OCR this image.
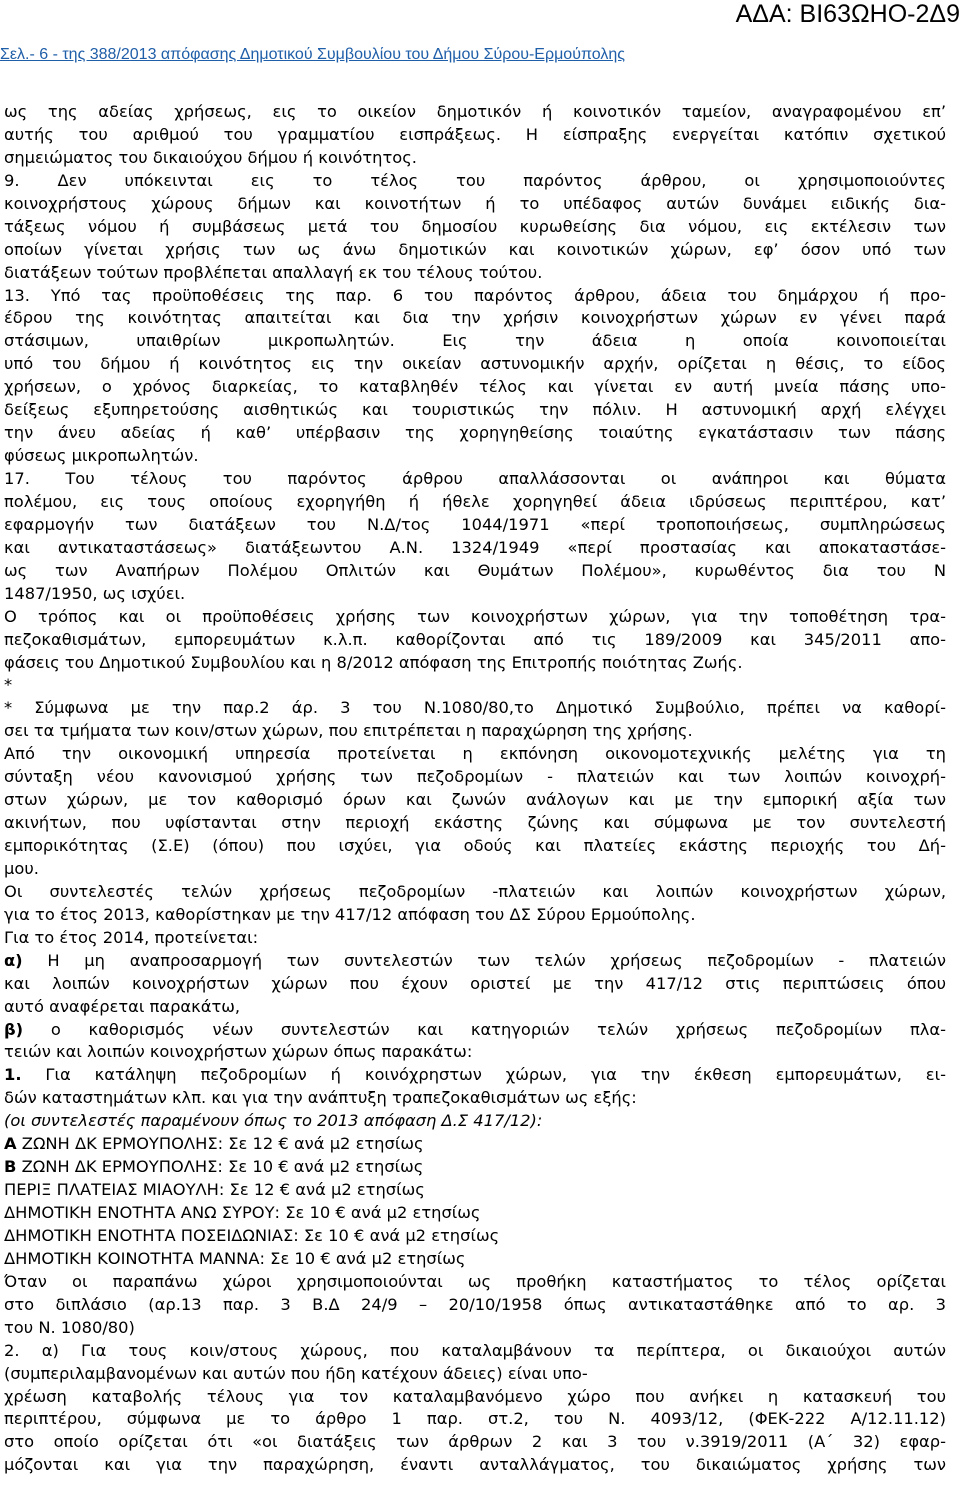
ΑΔΑ: ΒΙ63ΩΗΟ-2Δ9
Σελ.- 6 - της 388/2013 απόφασης Δημοτικού Συμβουλίου του Δήμου Σύρου-Ερμούπολης
ως της αδείας χρήσεως, εις το οικείον δημοτικόν ή κοινοτικόν ταμείον, αναγραφομένου επ’
αυτής του αριθμού του γραμματίου εισπράξεως. Η είσπραξης ενεργείται κατόπιν σχετικού
σημειώματος του δικαιούχου δήμου ή κοινότητος.
9. Δεν υπόκεινται εις το τέλος του παρόντος άρθρου, οι χρησιμοποιούντες
κοινοχρήστους χώρους δήμων και κοινοτήτων ή το υπέδαφος αυτών δυνάμει ειδικής δια-
τάξεως νόμου ή συμβάσεως μετά του δημοσίου κυρωθείσης δια νόμου, εις εκτέλεσιν των
οποίων γίνεται χρήσις των ως άνω δημοτικών και κοινοτικών χώρων, εφ’ όσον υπό των
διατάξεων τούτων προβλέπεται απαλλαγή εκ του τέλους τούτου.
13. Υπό τας προϋποθέσεις της παρ. 6 του παρόντος άρθρου, άδεια του δημάρχου ή προ-
έδρου της κοινότητας απαιτείται και δια την χρήσιν κοινοχρήστων χώρων εν γένει παρά
στάσιμων, υπαιθρίων μικροπωλητών. Εις την άδεια η οποία κοινοποιείται
υπό του δήμου ή κοινότητος εις την οικείαν αστυνομικήν αρχήν, ορίζεται η θέσις, το είδος
χρήσεων, ο χρόνος διαρκείας, το καταβληθέν τέλος και γίνεται εν αυτή μνεία πάσης υπο-
δείξεως εξυπηρετούσης αισθητικώς και τουριστικώς την πόλιν. Η αστυνομική αρχή ελέγχει
την άνευ αδείας ή καθ’ υπέρβασιν της χορηγηθείσης τοιαύτης εγκατάστασιν των πάσης
φύσεως μικροπωλητών.
17. Του τέλους του παρόντος άρθρου απαλλάσσονται οι ανάπηροι και θύματα
πολέμου, εις τους οποίους εχορηγήθη ή ήθελε χορηγηθεί άδεια ιδρύσεως περιπτέρου, κατ’
εφαρμογήν των διατάξεων του Ν.Δ/τος 1044/1971 «περί τροποποιήσεως, συμπληρώσεως
και αντικαταστάσεως» διατάξεωντου Α.Ν. 1324/1949 «περί προστασίας και αποκαταστάσε-
ως των Αναπήρων Πολέμου Οπλιτών και Θυμάτων Πολέμου», κυρωθέντος δια του Ν
1487/1950, ως ισχύει.
Ο τρόπος και οι προϋποθέσεις χρήσης των κοινοχρήστων χώρων, για την τοποθέτηση τρα-
πεζοκαθισμάτων, εμπορευμάτων κ.λ.π. καθορίζονται από τις 189/2009 και 345/2011 απο-
φάσεις του Δημοτικού Συμβουλίου και η 8/2012 απόφαση της Επιτροπής ποιότητας Ζωής.
*
* Σύμφωνα με την παρ.2 άρ. 3 του Ν.1080/80,το Δημοτικό Συμβούλιο, πρέπει να καθορί-
σει τα τμήματα των κοιν/στων χώρων, που επιτρέπεται η παραχώρηση της χρήσης.
Από την οικονομική υπηρεσία προτείνεται η εκπόνηση οικονομοτεχνικής μελέτης για τη
σύνταξη νέου κανονισμού χρήσης των πεζοδρομίων - πλατειών και των λοιπών κοινοχρή-
στων χώρων, με τον καθορισμό όρων και ζωνών ανάλογων και με την εμπορική αξία των
ακινήτων, που υφίστανται στην περιοχή εκάστης ζώνης και σύμφωνα με τον συντελεστή
εμπορικότητας (Σ.Ε) (όπου) που ισχύει, για οδούς και πλατείες εκάστης περιοχής του Δή-
μου.
Οι συντελεστές τελών χρήσεως πεζοδρομίων -πλατειών και λοιπών κοινοχρήστων χώρων,
για το έτος 2013, καθορίστηκαν με την 417/12 απόφαση του ΔΣ Σύρου Ερμούπολης.
Για το έτος 2014, προτείνεται:
α) Η μη αναπροσαρμογή των συντελεστών των τελών χρήσεως πεζοδρομίων - πλατειών
και λοιπών κοινοχρήστων χώρων που έχουν οριστεί με την 417/12 στις περιπτώσεις όπου
αυτό αναφέρεται παρακάτω,
β) ο καθορισμός νέων συντελεστών και κατηγοριών τελών χρήσεως πεζοδρομίων πλα-
τειών και λοιπών κοινοχρήστων χώρων όπως παρακάτω:
1. Για κατάληψη πεζοδρομίων ή κοινόχρηστων χώρων, για την έκθεση εμπορευμάτων, ει-
δών καταστημάτων κλπ. και για την ανάπτυξη τραπεζοκαθισμάτων ως εξής:
(οι συντελεστές παραμένουν όπως το 2013 απόφαση Δ.Σ 417/12):
Α ΖΩΝΗ ΔΚ ΕΡΜΟΥΠΟΛΗΣ: Σε 12 € ανά μ2 ετησίως
Β ΖΩΝΗ ΔΚ ΕΡΜΟΥΠΟΛΗΣ: Σε 10 € ανά μ2 ετησίως
ΠΕΡΙΞ ΠΛΑΤΕΙΑΣ ΜΙΑΟΥΛΗ: Σε 12 € ανά μ2 ετησίως
ΔΗΜΟΤΙΚΗ ΕΝΟΤΗΤΑ ΑΝΩ ΣΥΡΟΥ: Σε 10 € ανά μ2 ετησίως
ΔΗΜΟΤΙΚΗ ΕΝΟΤΗΤΑ ΠΟΣΕΙΔΩΝΙΑΣ: Σε 10 € ανά μ2 ετησίως
ΔΗΜΟΤΙΚΗ ΚΟΙΝΟΤΗΤΑ ΜΑΝΝΑ: Σε 10 € ανά μ2 ετησίως
Όταν οι παραπάνω χώροι χρησιμοποιούνται ως προθήκη καταστήματος το τέλος ορίζεται
στο διπλάσιο (αρ.13 παρ. 3 Β.Δ 24/9 – 20/10/1958 όπως αντικαταστάθηκε από το αρ. 3
του Ν. 1080/80)
2. α) Για τους κοιν/στους χώρους, που καταλαμβάνουν τα περίπτερα, οι δικαιούχοι αυτών
(συμπεριλαμβανομένων και αυτών που ήδη κατέχουν άδειες) είναι υπο-
χρέωση καταβολής τέλους για τον καταλαμβανόμενο χώρο που ανήκει η κατασκευή του
περιπτέρου, σύμφωνα με το άρθρο 1 παρ. στ.2, του Ν. 4093/12, (ΦΕΚ-222 Α/12.11.12)
στο οποίο ορίζεται ότι «οι διατάξεις των άρθρων 2 και 3 του ν.3919/2011 (Α΄ 32) εφαρ-
μόζονται και για την παραχώρηση, έναντι ανταλλάγματος, του δικαιώματος χρήσης των
